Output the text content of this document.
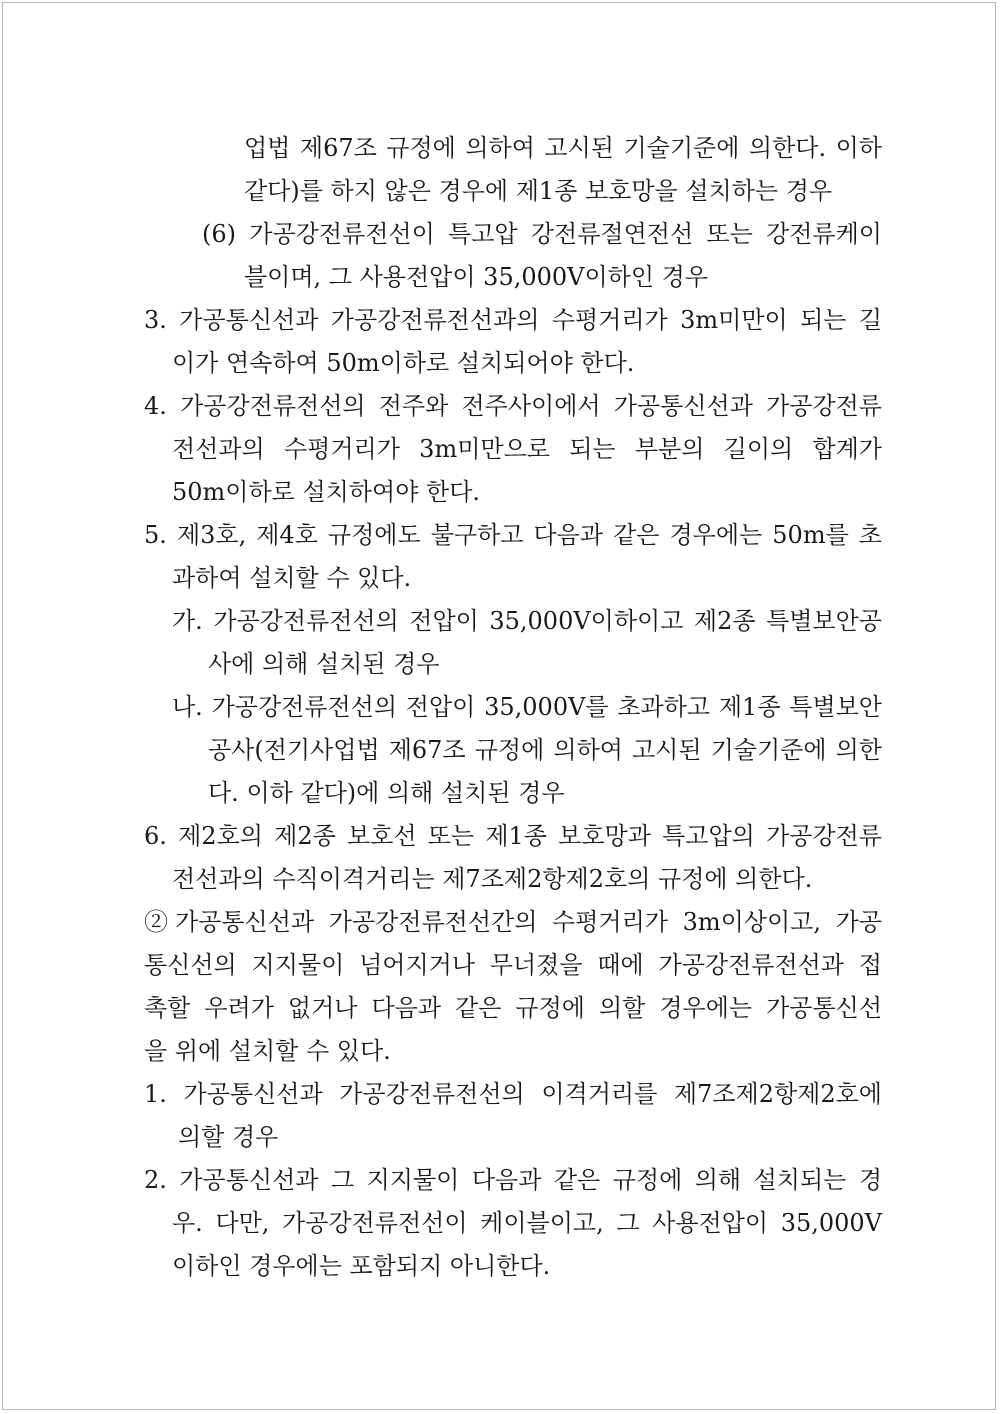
업법 제67조 규정에 의하여 고시된 기술기준에 의한다. 이하

같다)를 하지 않은 경우에 제1종 보호망을 설치하는 경우

(6) 가공강전류전선이 특고압 강전류절연전선 또는 강전류케이

블이며, 그 사용전압이 35,000V이하인 경우

3. 가공통신선과 가공강전류전선과의 수평거리가 3m미만이 되는 길

이가 연속하여 50m이하로 설치되어야 한다.

4. 가공강전류전선의 전주와 전주사이에서 가공통신선과 가공강전류

전선과의 수평거리가 3m미만으로 되는 부분의 길이의 합계가

50m이하로 설치하여야 한다.

5. 제3호, 제4호 규정에도 불구하고 다음과 같은 경우에는 50m를 초

과하여 설치할 수 있다.

가. 가공강전류전선의 전압이 35,000V이하이고 제2종 특별보안공

사에 의해 설치된 경우

나. 가공강전류전선의 전압이 35,000V를 초과하고 제1종 특별보안

공사(전기사업법 제67조 규정에 의하여 고시된 기술기준에 의한

다. 이하 같다)에 의해 설치된 경우

6. 제2호의 제2종 보호선 또는 제1종 보호망과 특고압의 가공강전류

전선과의 수직이격거리는 제7조제2항제2호의 규정에 의한다.

②가공통신선과 가공강전류전선간의 수평거리가 3m이상이고, 가공

통신선의 지지물이 넘어지거나 무너졌을 때에 가공강전류전선과 접

촉할 우려가 없거나 다음과 같은 규정에 의할 경우에는 가공통신선

을 위에 설치할 수 있다.

1. 가공통신선과 가공강전류전선의 이격거리를 제7조제2항제2호에

의할 경우

2. 가공통신선과 그 지지물이 다음과 같은 규정에 의해 설치되는 경

우. 다만, 가공강전류전선이 케이블이고, 그 사용전압이 35,000V

이하인 경우에는 포함되지 아니한다.
